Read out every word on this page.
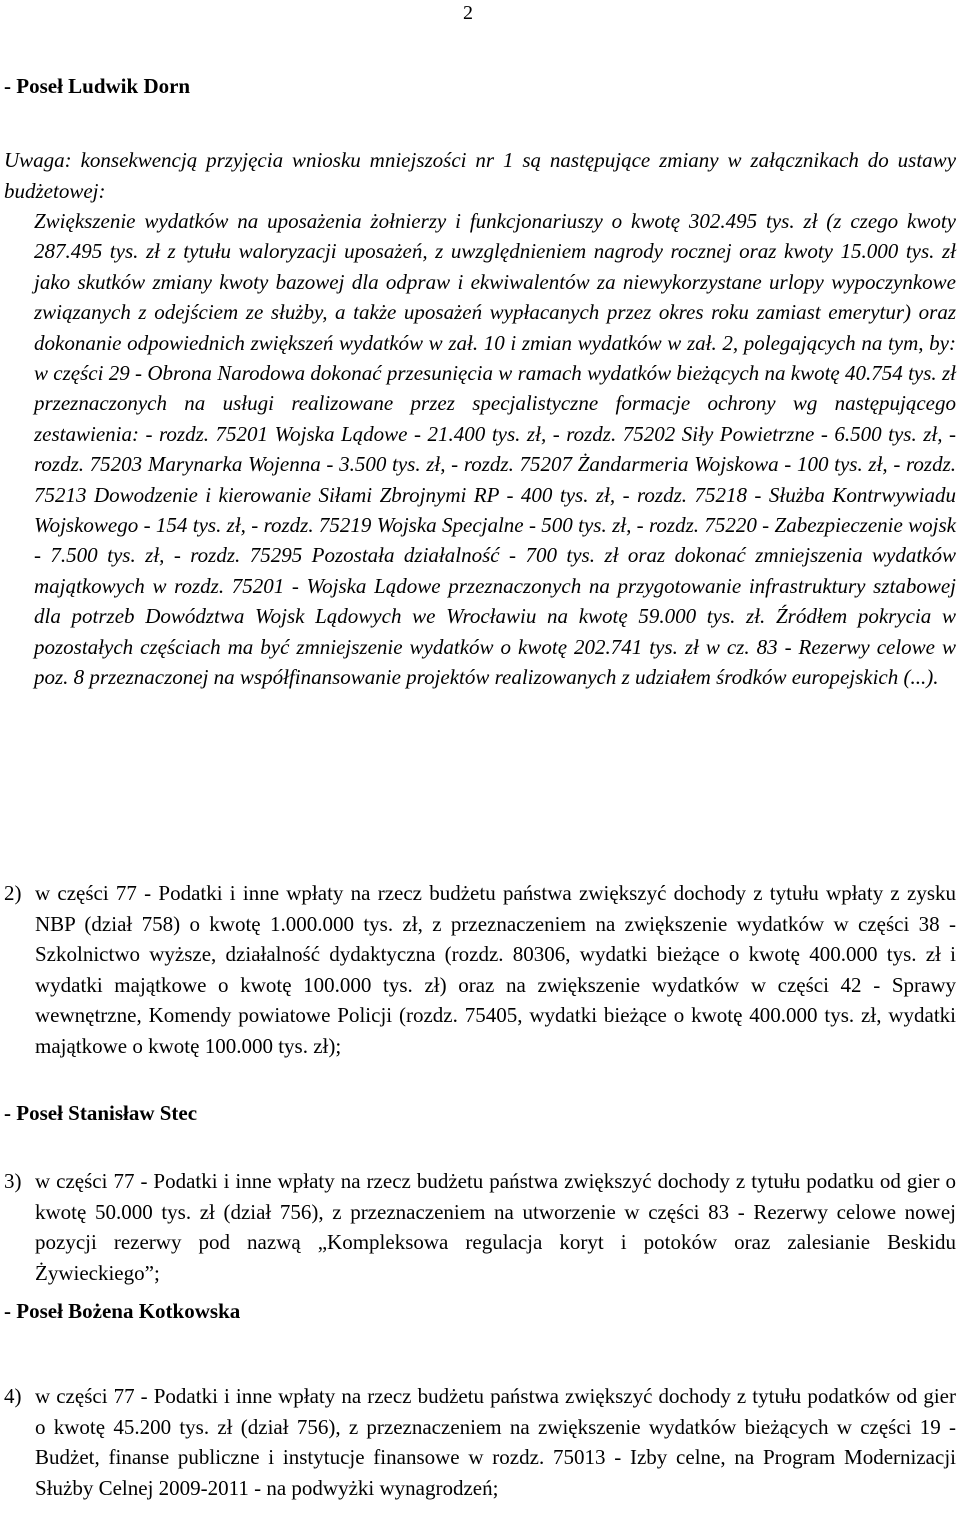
2
- Poseł Ludwik Dorn

Uwaga: konsekwencją przyjęcia wniosku mniejszości nr 1 są następujące zmiany w załącznikach do ustawy budżetowej:

Zwiększenie wydatków na uposażenia żołnierzy i funkcjonariuszy o kwotę 302.495 tys. zł (z czego kwoty 287.495 tys. zł z tytułu waloryzacji uposażeń, z uwzględnieniem nagrody rocznej oraz kwoty 15.000 tys. zł jako skutków zmiany kwoty bazowej dla odpraw i ekwiwalentów za niewykorzystane urlopy wypoczynkowe związanych z odejściem ze służby, a także uposażeń wypłacanych przez okres roku zamiast emerytur) oraz dokonanie odpowiednich zwiększeń wydatków w zał. 10 i zmian wydatków w zał. 2, polegających na tym, by: w części 29 - Obrona Narodowa dokonać przesunięcia w ramach wydatków bieżących na kwotę 40.754 tys. zł przeznaczonych na usługi realizowane przez specjalistyczne formacje ochrony wg następującego zestawienia: - rozdz. 75201 Wojska Lądowe - 21.400 tys. zł, - rozdz. 75202 Siły Powietrzne - 6.500 tys. zł, - rozdz. 75203 Marynarka Wojenna - 3.500 tys. zł, - rozdz. 75207 Żandarmeria Wojskowa - 100 tys. zł, - rozdz. 75213 Dowodzenie i kierowanie Siłami Zbrojnymi RP - 400 tys. zł, - rozdz. 75218 - Służba Kontrwywiadu Wojskowego - 154 tys. zł, - rozdz. 75219 Wojska Specjalne - 500 tys. zł, - rozdz. 75220 - Zabezpieczenie wojsk - 7.500 tys. zł, - rozdz. 75295 Pozostała działalność - 700 tys. zł oraz dokonać zmniejszenia wydatków majątkowych w rozdz. 75201 - Wojska Lądowe przeznaczonych na przygotowanie infrastruktury sztabowej dla potrzeb Dowództwa Wojsk Lądowych we Wrocławiu na kwotę 59.000 tys. zł. Źródłem pokrycia w pozostałych częściach ma być zmniejszenie wydatków o kwotę 202.741 tys. zł w cz. 83 - Rezerwy celowe w poz. 8 przeznaczonej na współfinansowanie projektów realizowanych z udziałem środków europejskich (...).

2) w części 77 - Podatki i inne wpłaty na rzecz budżetu państwa zwiększyć dochody z tytułu wpłaty z zysku NBP (dział 758) o kwotę 1.000.000 tys. zł, z przeznaczeniem na zwiększenie wydatków w części 38 - Szkolnictwo wyższe, działalność dydaktyczna (rozdz. 80306, wydatki bieżące o kwotę 400.000 tys. zł i wydatki majątkowe o kwotę 100.000 tys. zł) oraz na zwiększenie wydatków w części 42 - Sprawy wewnętrzne, Komendy powiatowe Policji (rozdz. 75405, wydatki bieżące o kwotę 400.000 tys. zł, wydatki majątkowe o kwotę 100.000 tys. zł);
- Poseł Stanisław Stec
3) w części 77 - Podatki i inne wpłaty na rzecz budżetu państwa zwiększyć dochody z tytułu podatku od gier o kwotę 50.000 tys. zł (dział 756), z przeznaczeniem na utworzenie w części 83 - Rezerwy celowe nowej pozycji rezerwy pod nazwą „Kompleksowa regulacja koryt i potoków oraz zalesianie Beskidu Żywieckiego”;
- Poseł Bożena Kotkowska
4) w części 77 - Podatki i inne wpłaty na rzecz budżetu państwa zwiększyć dochody z tytułu podatków od gier o kwotę 45.200 tys. zł (dział 756), z przeznaczeniem na zwiększenie wydatków bieżących w części 19 - Budżet, finanse publiczne i instytucje finansowe w rozdz. 75013 - Izby celne, na Program Modernizacji Służby Celnej 2009-2011 - na podwyżki wynagrodzeń;
